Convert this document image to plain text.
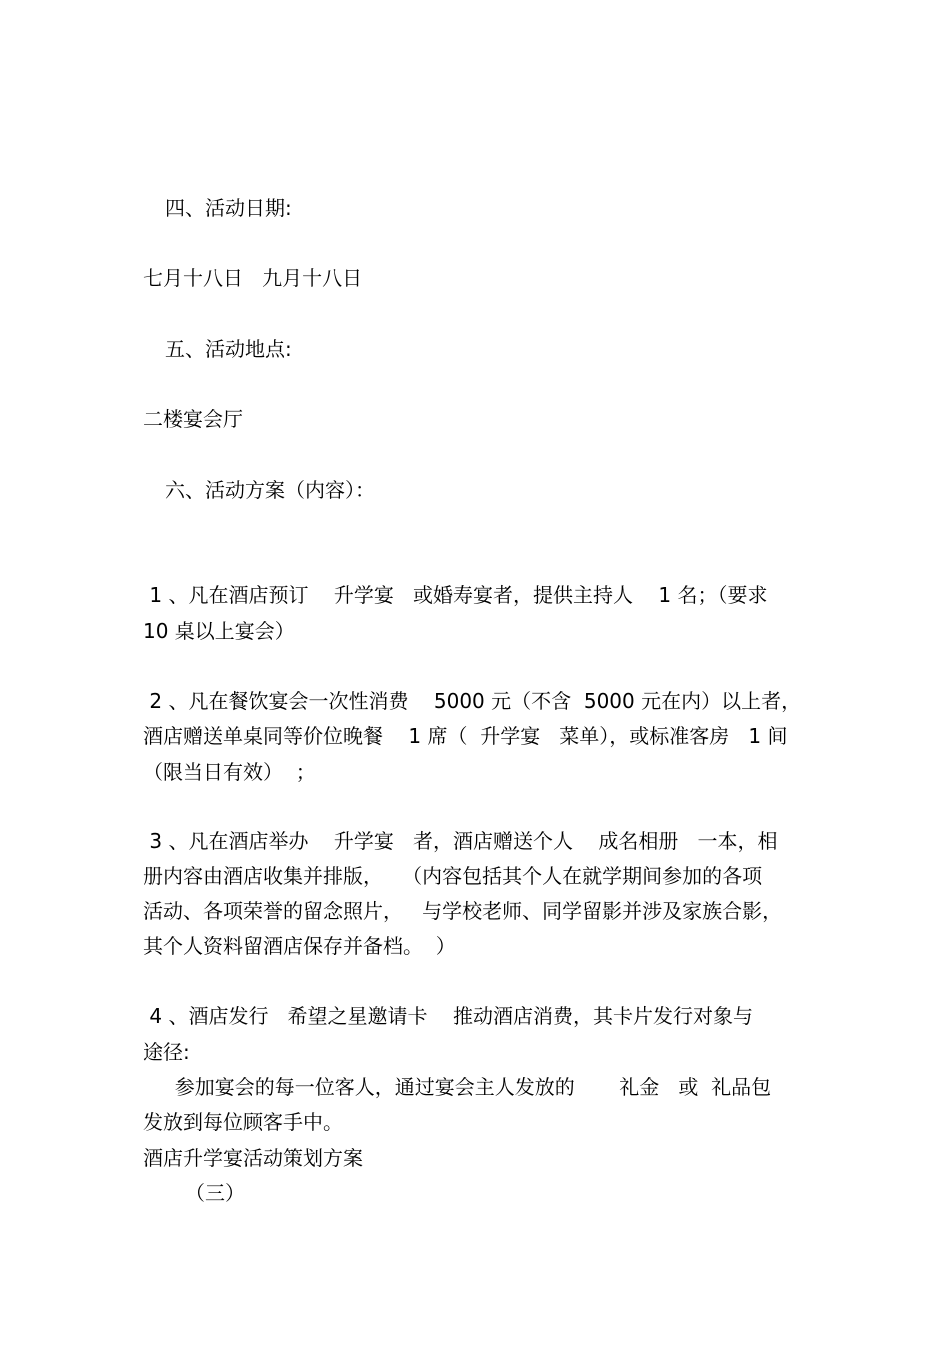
四、活动日期:

七月十八日   九月十八日

五、活动地点:

二楼宴会厅

六、活动方案（内容）：

1 、凡在酒店预订    升学宴   或婚寿宴者，提供主持人    1 名；（要求

10 桌以上宴会）

2 、凡在餐饮宴会一次性消费    5000 元（不含  5000 元在内）以上者，

酒店赠送单桌同等价位晚餐    1 席（  升学宴   菜单），或标准客房   1 间

（限当日有效）  ；

3 、凡在酒店举办    升学宴   者，酒店赠送个人    成名相册   一本，相

册内容由酒店收集并排版，   （内容包括其个人在就学期间参加的各项

活动、各项荣誉的留念照片，   与学校老师、同学留影并涉及家族合影，

其个人资料留酒店保存并备档。  ）

4 、酒店发行   希望之星邀请卡    推动酒店消费，其卡片发行对象与

途径:

参加宴会的每一位客人，通过宴会主人发放的       礼金   或  礼品包

发放到每位顾客手中。

酒店升学宴活动策划方案

（三）
